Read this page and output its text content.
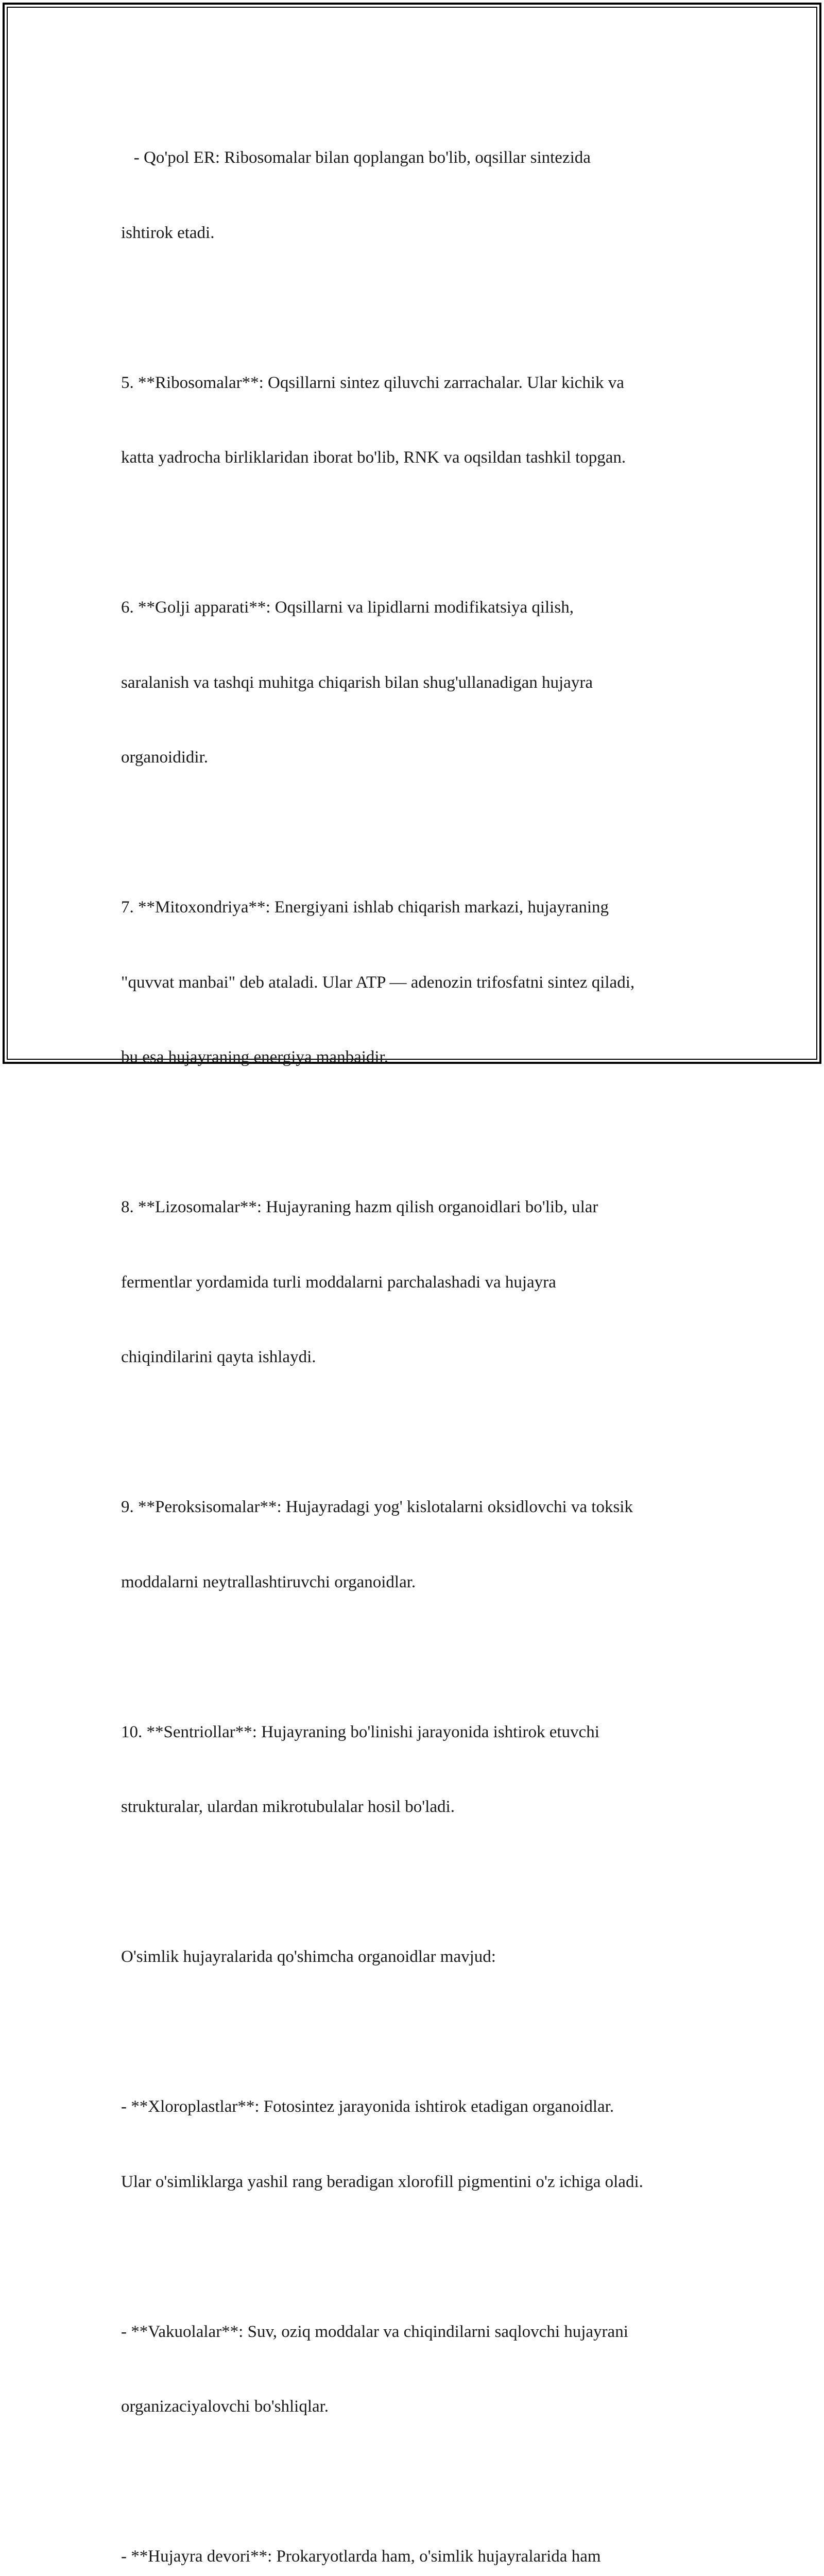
- Qo'pol ER: Ribosomalar bilan qoplangan bo'lib, oqsillar sintezida

ishtirok etadi.

5. **Ribosomalar**: Oqsillarni sintez qiluvchi zarrachalar. Ular kichik va

katta yadrocha birliklaridan iborat bo'lib, RNK va oqsildan tashkil topgan.

6. **Golji apparati**: Oqsillarni va lipidlarni modifikatsiya qilish,

saralanish va tashqi muhitga chiqarish bilan shug'ullanadigan hujayra

organoididir.

7. **Mitoxondriya**: Energiyani ishlab chiqarish markazi, hujayraning

"quvvat manbai" deb ataladi. Ular ATP — adenozin trifosfatni sintez qiladi,

bu esa hujayraning energiya manbaidir.

8. **Lizosomalar**: Hujayraning hazm qilish organoidlari bo'lib, ular

fermentlar yordamida turli moddalarni parchalashadi va hujayra

chiqindilarini qayta ishlaydi.

9. **Peroksisomalar**: Hujayradagi yog' kislotalarni oksidlovchi va toksik

moddalarni neytrallashtiruvchi organoidlar.

10. **Sentriollar**: Hujayraning bo'linishi jarayonida ishtirok etuvchi

strukturalar, ulardan mikrotubulalar hosil bo'ladi.

O'simlik hujayralarida qo'shimcha organoidlar mavjud:

- **Xloroplastlar**: Fotosintez jarayonida ishtirok etadigan organoidlar.

Ular o'simliklarga yashil rang beradigan xlorofill pigmentini o'z ichiga oladi.

- **Vakuolalar**: Suv, oziq moddalar va chiqindilarni saqlovchi hujayrani

organizaciyalovchi bo'shliqlar.

- **Hujayra devori**: Prokaryotlarda ham, o'simlik hujayralarida ham
